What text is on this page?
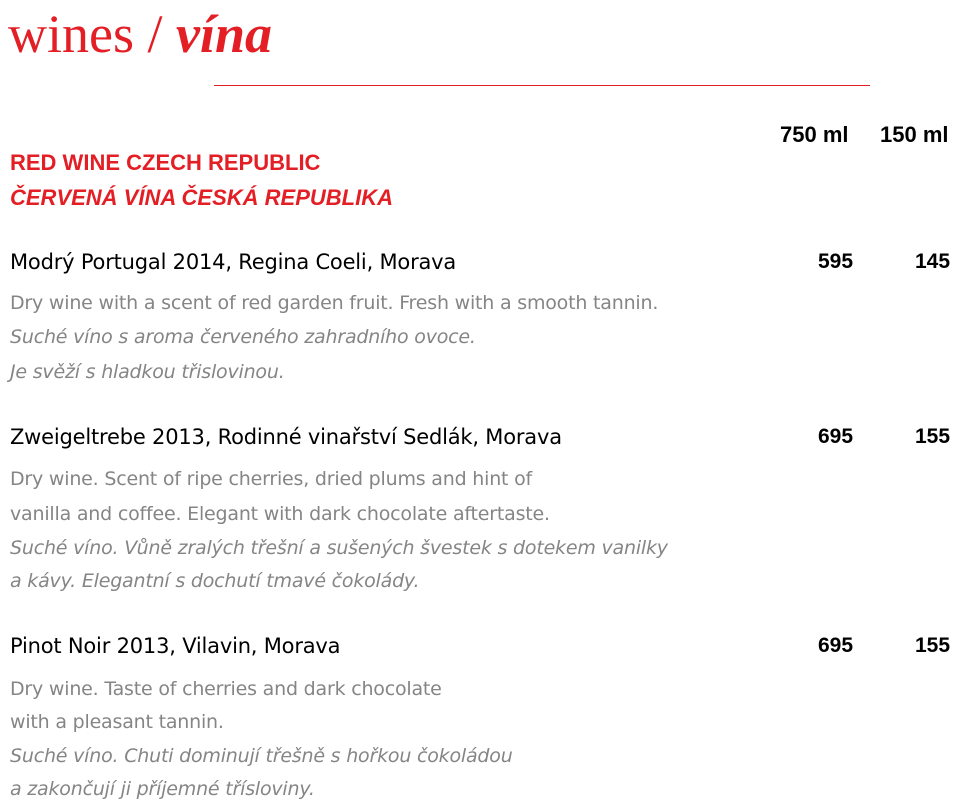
wines / vína
750 ml 150 ml
RED WINE CZECH REPUBLIC
ČERVENÁ VÍNA ČESKÁ REPUBLIKA
Modrý Portugal 2014, Regina Coeli, Morava	595	145
Dry wine with a scent of red garden fruit. Fresh with a smooth tannin.
Suché víno s aroma červeného zahradního ovoce.
Je svěží s hladkou třislovinou.
Zweigeltrebe 2013, Rodinné vinařství Sedlák, Morava	695	155
Dry wine. Scent of ripe cherries, dried plums and hint of
vanilla and coffee. Elegant with dark chocolate aftertaste.
Suché víno. Vůně zralých třešní a sušených švestek s dotekem vanilky
a kávy. Elegantní s dochutí tmavé čokolády.
Pinot Noir 2013, Vilavin, Morava	695	155
Dry wine. Taste of cherries and dark chocolate
with a pleasant tannin.
Suché víno. Chuti dominují třešně s hořkou čokoládou
a zakončují ji příjemné třísloviny.
